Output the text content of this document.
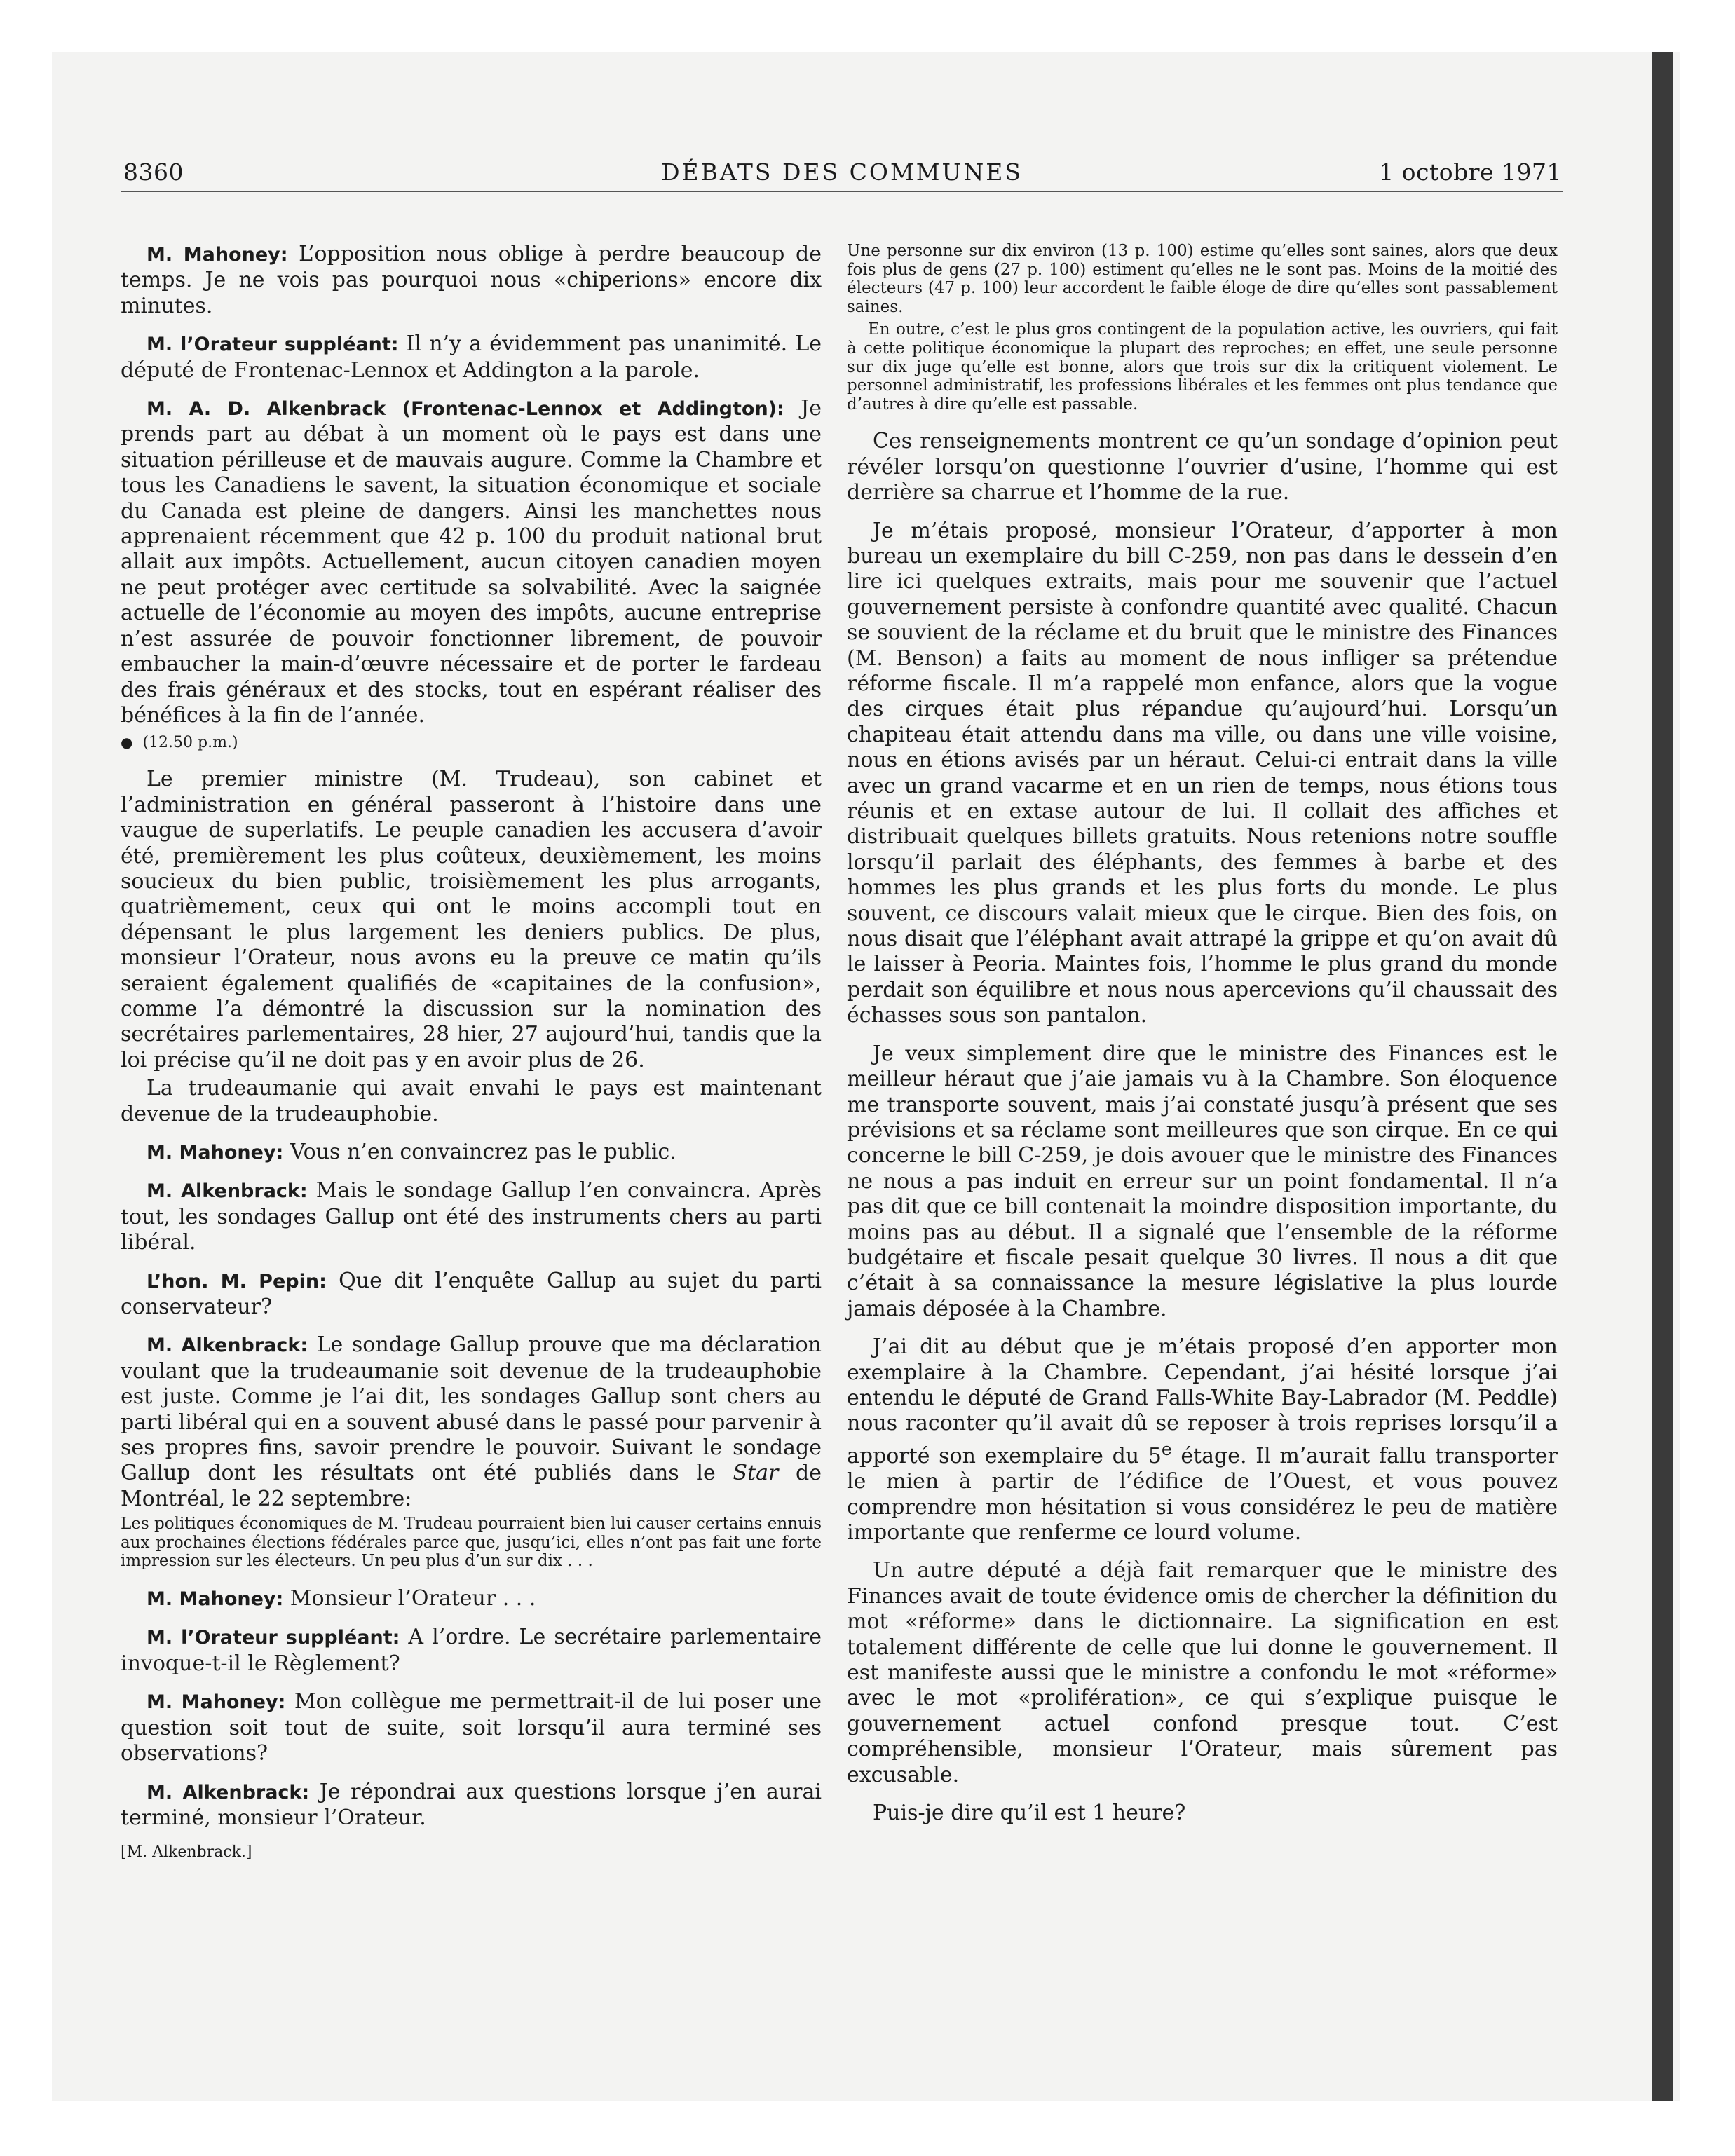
8360	DÉBATS DES COMMUNES	1 octobre 1971

M. Mahoney: L’opposition nous oblige à perdre beaucoup de temps. Je ne vois pas pourquoi nous «chiperions» encore dix minutes.

M. l’Orateur suppléant: Il n’y a évidemment pas unanimité. Le député de Frontenac-Lennox et Addington a la parole.

M. A. D. Alkenbrack (Frontenac-Lennox et Addington): Je prends part au débat à un moment où le pays est dans une situation périlleuse et de mauvais augure. Comme la Chambre et tous les Canadiens le savent, la situation économique et sociale du Canada est pleine de dangers. Ainsi les manchettes nous apprenaient récemment que 42 p. 100 du produit national brut allait aux impôts. Actuellement, aucun citoyen canadien moyen ne peut protéger avec certitude sa solvabilité. Avec la saignée actuelle de l’économie au moyen des impôts, aucune entreprise n’est assurée de pouvoir fonctionner librement, de pouvoir embaucher la main-d’œuvre nécessaire et de porter le fardeau des frais généraux et des stocks, tout en espérant réaliser des bénéfices à la fin de l’année.

● (12.50 p.m.)

Le premier ministre (M. Trudeau), son cabinet et l’administration en général passeront à l’histoire dans une vaugue de superlatifs. Le peuple canadien les accusera d’avoir été, premièrement les plus coûteux, deuxièmement, les moins soucieux du bien public, troisièmement les plus arrogants, quatrièmement, ceux qui ont le moins accompli tout en dépensant le plus largement les deniers publics. De plus, monsieur l’Orateur, nous avons eu la preuve ce matin qu’ils seraient également qualifiés de «capitaines de la confusion», comme l’a démontré la discussion sur la nomination des secrétaires parlementaires, 28 hier, 27 aujourd’hui, tandis que la loi précise qu’il ne doit pas y en avoir plus de 26.

La trudeaumanie qui avait envahi le pays est maintenant devenue de la trudeauphobie.

M. Mahoney: Vous n’en convaincrez pas le public.

M. Alkenbrack: Mais le sondage Gallup l’en convaincra. Après tout, les sondages Gallup ont été des instruments chers au parti libéral.

L’hon. M. Pepin: Que dit l’enquête Gallup au sujet du parti conservateur?

M. Alkenbrack: Le sondage Gallup prouve que ma déclaration voulant que la trudeaumanie soit devenue de la trudeauphobie est juste. Comme je l’ai dit, les sondages Gallup sont chers au parti libéral qui en a souvent abusé dans le passé pour parvenir à ses propres fins, savoir prendre le pouvoir. Suivant le sondage Gallup dont les résultats ont été publiés dans le Star de Montréal, le 22 septembre:

Les politiques économiques de M. Trudeau pourraient bien lui causer certains ennuis aux prochaines élections fédérales parce que, jusqu’ici, elles n’ont pas fait une forte impression sur les électeurs. Un peu plus d’un sur dix . . .

M. Mahoney: Monsieur l’Orateur . . .

M. l’Orateur suppléant: A l’ordre. Le secrétaire parlementaire invoque-t-il le Règlement?

M. Mahoney: Mon collègue me permettrait-il de lui poser une question soit tout de suite, soit lorsqu’il aura terminé ses observations?

M. Alkenbrack: Je répondrai aux questions lorsque j’en aurai terminé, monsieur l’Orateur.

[M. Alkenbrack.]

Une personne sur dix environ (13 p. 100) estime qu’elles sont saines, alors que deux fois plus de gens (27 p. 100) estiment qu’elles ne le sont pas. Moins de la moitié des électeurs (47 p. 100) leur accordent le faible éloge de dire qu’elles sont passablement saines.

En outre, c’est le plus gros contingent de la population active, les ouvriers, qui fait à cette politique économique la plupart des reproches; en effet, une seule personne sur dix juge qu’elle est bonne, alors que trois sur dix la critiquent violement. Le personnel administratif, les professions libérales et les femmes ont plus tendance que d’autres à dire qu’elle est passable.

Ces renseignements montrent ce qu’un sondage d’opinion peut révéler lorsqu’on questionne l’ouvrier d’usine, l’homme qui est derrière sa charrue et l’homme de la rue.

Je m’étais proposé, monsieur l’Orateur, d’apporter à mon bureau un exemplaire du bill C-259, non pas dans le dessein d’en lire ici quelques extraits, mais pour me souvenir que l’actuel gouvernement persiste à confondre quantité avec qualité. Chacun se souvient de la réclame et du bruit que le ministre des Finances (M. Benson) a faits au moment de nous infliger sa prétendue réforme fiscale. Il m’a rappelé mon enfance, alors que la vogue des cirques était plus répandue qu’aujourd’hui. Lorsqu’un chapiteau était attendu dans ma ville, ou dans une ville voisine, nous en étions avisés par un héraut. Celui-ci entrait dans la ville avec un grand vacarme et en un rien de temps, nous étions tous réunis et en extase autour de lui. Il collait des affiches et distribuait quelques billets gratuits. Nous retenions notre souffle lorsqu’il parlait des éléphants, des femmes à barbe et des hommes les plus grands et les plus forts du monde. Le plus souvent, ce discours valait mieux que le cirque. Bien des fois, on nous disait que l’éléphant avait attrapé la grippe et qu’on avait dû le laisser à Peoria. Maintes fois, l’homme le plus grand du monde perdait son équilibre et nous nous apercevions qu’il chaussait des échasses sous son pantalon.

Je veux simplement dire que le ministre des Finances est le meilleur héraut que j’aie jamais vu à la Chambre. Son éloquence me transporte souvent, mais j’ai constaté jusqu’à présent que ses prévisions et sa réclame sont meilleures que son cirque. En ce qui concerne le bill C-259, je dois avouer que le ministre des Finances ne nous a pas induit en erreur sur un point fondamental. Il n’a pas dit que ce bill contenait la moindre disposition importante, du moins pas au début. Il a signalé que l’ensemble de la réforme budgétaire et fiscale pesait quelque 30 livres. Il nous a dit que c’était à sa connaissance la mesure législative la plus lourde jamais déposée à la Chambre.

J’ai dit au début que je m’étais proposé d’en apporter mon exemplaire à la Chambre. Cependant, j’ai hésité lorsque j’ai entendu le député de Grand Falls-White Bay-Labrador (M. Peddle) nous raconter qu’il avait dû se reposer à trois reprises lorsqu’il a apporté son exemplaire du 5e étage. Il m’aurait fallu transporter le mien à partir de l’édifice de l’Ouest, et vous pouvez comprendre mon hésitation si vous considérez le peu de matière importante que renferme ce lourd volume.

Un autre député a déjà fait remarquer que le ministre des Finances avait de toute évidence omis de chercher la définition du mot «réforme» dans le dictionnaire. La signification en est totalement différente de celle que lui donne le gouvernement. Il est manifeste aussi que le ministre a confondu le mot «réforme» avec le mot «prolifération», ce qui s’explique puisque le gouvernement actuel confond presque tout. C’est compréhensible, monsieur l’Orateur, mais sûrement pas excusable.

Puis-je dire qu’il est 1 heure?
